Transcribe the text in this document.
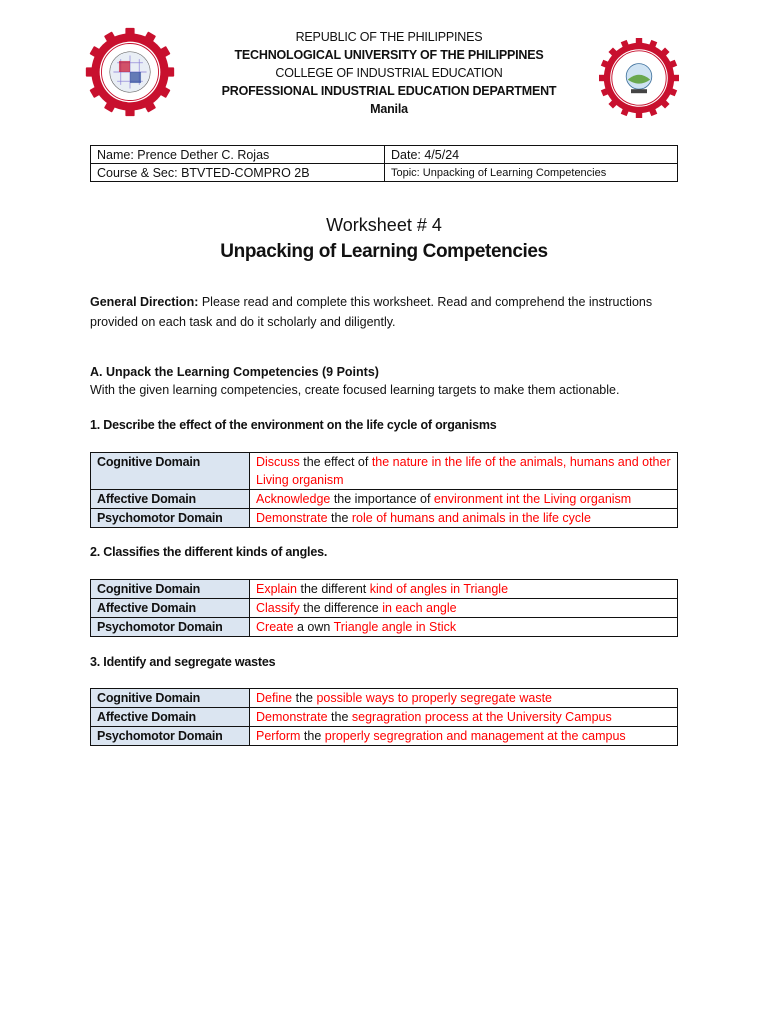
REPUBLIC OF THE PHILIPPINES
TECHNOLOGICAL UNIVERSITY OF THE PHILIPPINES
COLLEGE OF INDUSTRIAL EDUCATION
PROFESSIONAL INDUSTRIAL EDUCATION DEPARTMENT
Manila
Name: Prence Dether C. Rojas	Date: 4/5/24
Course & Sec: BTVTED-COMPRO 2B	Topic: Unpacking of Learning Competencies
Worksheet # 4
Unpacking of Learning Competencies
General Direction: Please read and complete this worksheet. Read and comprehend the instructions provided on each task and do it scholarly and diligently.
A. Unpack the Learning Competencies (9 Points)
With the given learning competencies, create focused learning targets to make them actionable.
1. Describe the effect of the environment on the life cycle of organisms
Cognitive Domain	Discuss the effect of the nature in the life of the animals, humans and other Living organism
Affective Domain	Acknowledge the importance of environment int the Living organism
Psychomotor Domain	Demonstrate the role of humans and animals in the life cycle
2. Classifies the different kinds of angles.
Cognitive Domain	Explain the different kind of angles in Triangle
Affective Domain	Classify the difference in each angle
Psychomotor Domain	Create a own Triangle angle in Stick
3. Identify and segregate wastes
Cognitive Domain	Define the possible ways to properly segregate waste
Affective Domain	Demonstrate the segragration process at the University Campus
Psychomotor Domain	Perform the properly segregration and management at the campus
